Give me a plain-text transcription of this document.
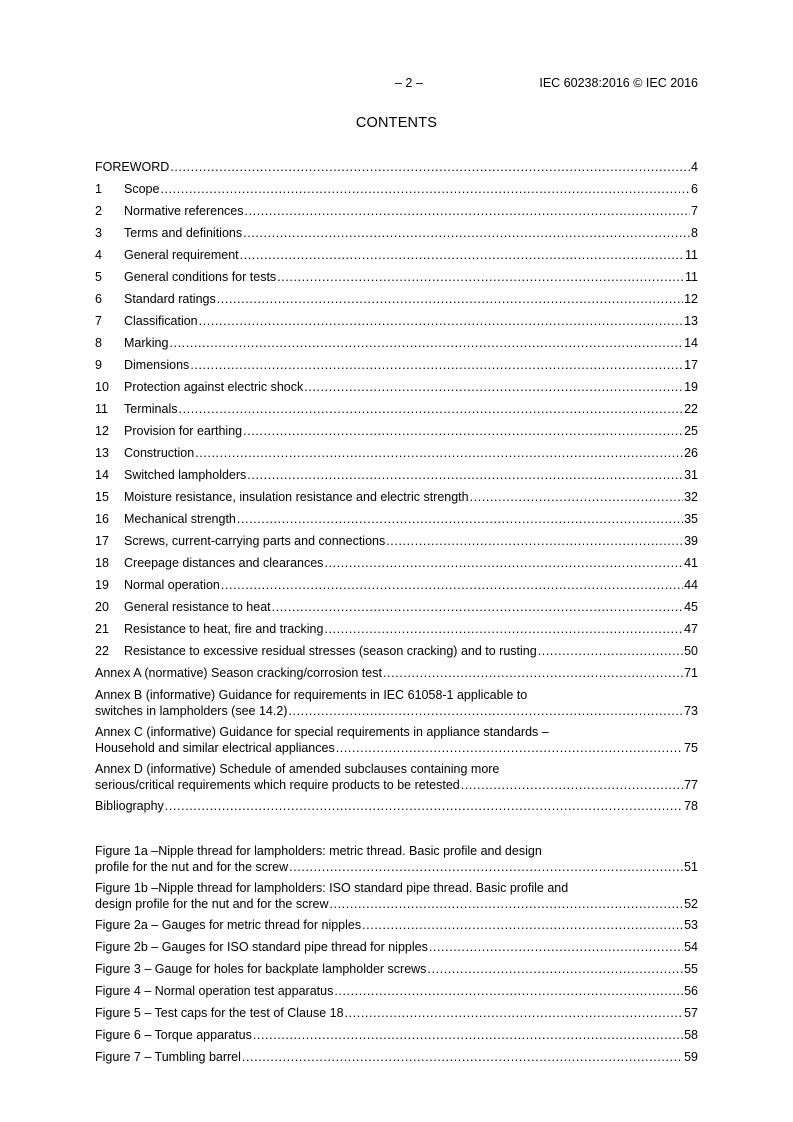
– 2 –	IEC 60238:2016 © IEC 2016
CONTENTS
FOREWORD .....	4
1	Scope .....	6
2	Normative references .....	7
3	Terms and definitions .....	8
4	General requirement .....	11
5	General conditions for tests .....	11
6	Standard ratings .....	12
7	Classification .....	13
8	Marking .....	14
9	Dimensions .....	17
10	Protection against electric shock .....	19
11	Terminals .....	22
12	Provision for earthing .....	25
13	Construction .....	26
14	Switched lampholders .....	31
15	Moisture resistance, insulation resistance and electric strength .....	32
16	Mechanical strength .....	35
17	Screws, current-carrying parts and connections .....	39
18	Creepage distances and clearances .....	41
19	Normal operation .....	44
20	General resistance to heat .....	45
21	Resistance to heat, fire and tracking .....	47
22	Resistance to excessive residual stresses (season cracking) and to rusting .....	50
Annex A (normative) Season cracking/corrosion test .....	71
Annex B (informative) Guidance for requirements in IEC 61058-1 applicable to
switches in lampholders (see 14.2) .....	73
Annex C (informative) Guidance for special requirements in appliance standards –
Household and similar electrical appliances .....	75
Annex D (informative) Schedule of amended subclauses containing more
serious/critical requirements which require products to be retested .....	77
Bibliography .....	78
Figure 1a –Nipple thread for lampholders: metric thread. Basic profile and design
profile for the nut and for the screw .....	51
Figure 1b –Nipple thread for lampholders: ISO standard pipe thread. Basic profile and
design profile for the nut and for the screw .....	52
Figure 2a – Gauges for metric thread for nipples .....	53
Figure 2b – Gauges for ISO standard pipe thread for nipples .....	54
Figure 3 – Gauge for holes for backplate lampholder screws .....	55
Figure 4 – Normal operation test apparatus .....	56
Figure 5 – Test caps for the test of Clause 18 .....	57
Figure 6 – Torque apparatus .....	58
Figure 7 – Tumbling barrel .....	59
